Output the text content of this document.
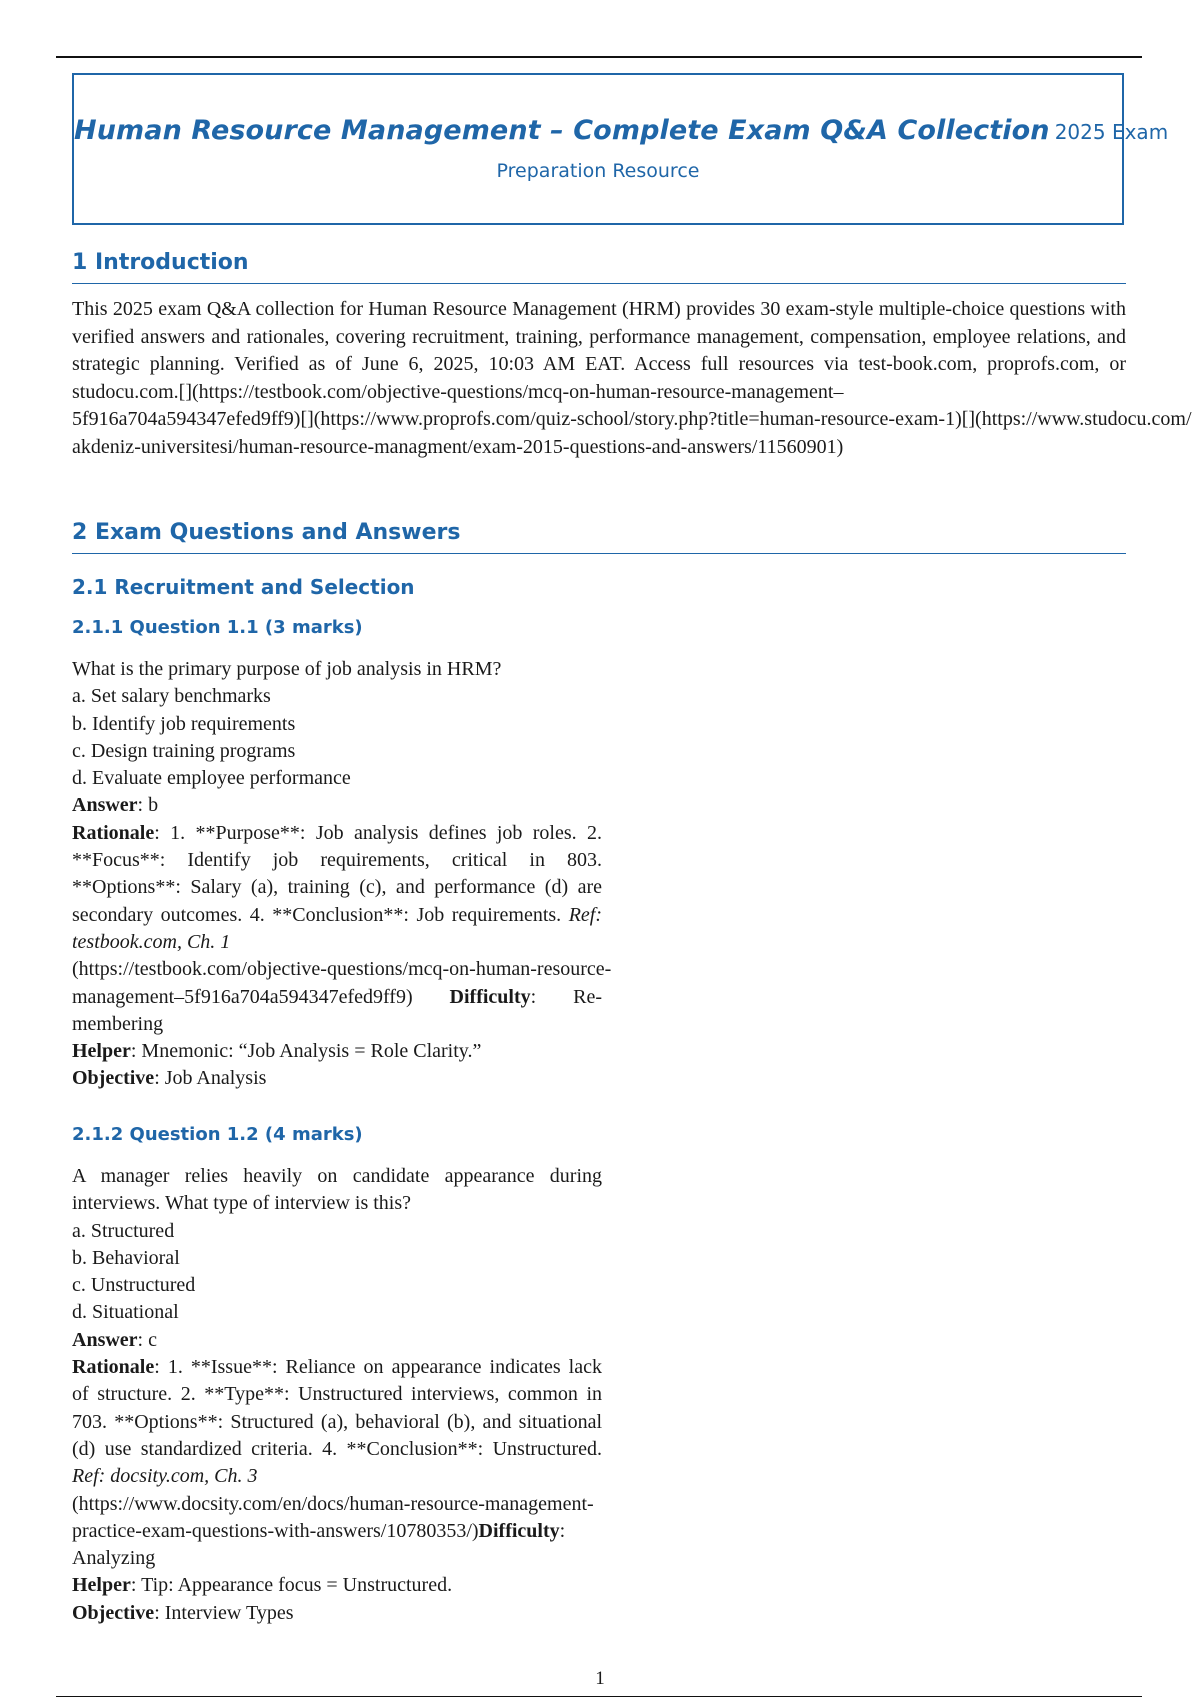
Human Resource Management – Complete Exam Q&A Collection 2025 Exam
Preparation Resource
1 Introduction
This 2025 exam Q&A collection for Human Resource Management (HRM) provides 30 exam-style multiple-choice questions with verified answers and rationales, covering recruitment, training, performance management, compensation, employee relations, and strategic planning. Verified as of June 6, 2025, 10:03 AM EAT. Access full resources via test-book.com, proprofs.com, or studocu.com.[](https://testbook.com/objective-questions/mcq-on-human-resource-management–
5f916a704a594347efed9ff9)[](https://www.proprofs.com/quiz-school/story.php?title=human-resource-exam-1)[](https://www.studocu.com/
akdeniz-universitesi/human-resource-managment/exam-2015-questions-and-answers/11560901)
2 Exam Questions and Answers
2.1 Recruitment and Selection
2.1.1 Question 1.1 (3 marks)
What is the primary purpose of job analysis in HRM?
a. Set salary benchmarks
b. Identify job requirements
c. Design training programs
d. Evaluate employee performance
Answer: b
Rationale: 1. **Purpose**: Job analysis defines job roles. 2. **Focus**: Identify job requirements, critical in 803. **Options**: Salary (a), training (c), and performance (d) are secondary outcomes. 4. **Conclusion**: Job requirements. Ref: testbook.com, Ch. 1
(https://testbook.com/objective-questions/mcq-on-human-resource-
management–5f916a704a594347efed9ff9) Difficulty: Re-membering
Helper: Mnemonic: “Job Analysis = Role Clarity.”
Objective: Job Analysis
2.1.2 Question 1.2 (4 marks)
A manager relies heavily on candidate appearance during interviews. What type of interview is this?
a. Structured
b. Behavioral
c. Unstructured
d. Situational
Answer: c
Rationale: 1. **Issue**: Reliance on appearance indicates lack of structure. 2. **Type**: Unstructured interviews, common in 703. **Options**: Structured (a), behavioral (b), and situational (d) use standardized criteria. 4. **Conclusion**: Unstructured. Ref: docsity.com, Ch. 3
(https://www.docsity.com/en/docs/human-resource-management-
practice-exam-questions-with-answers/10780353/)Difficulty:
Analyzing
Helper: Tip: Appearance focus = Unstructured.
Objective: Interview Types
1
